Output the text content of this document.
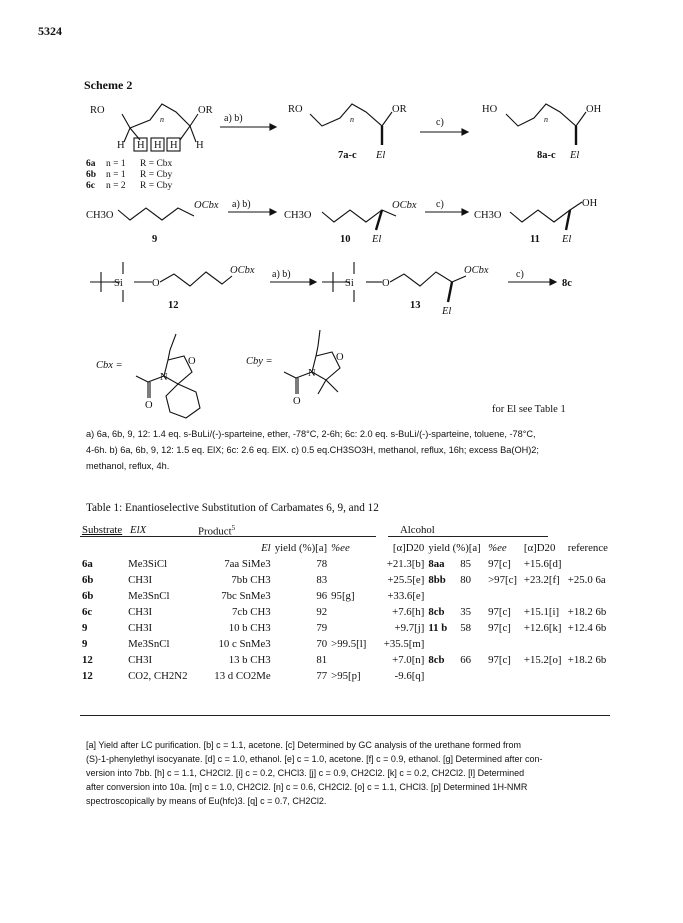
5324
Scheme 2
RO	OR
H H H H H
n	a) b)
RO	OR
n
El
7a-c
c)
HO	OH
n
El
8a-c
6a n = 1 R = Cbx
6b n = 1 R = Cby
6c n = 2 R = Cby
CH3O
OCbx
9
a) b)
CH3O
OCbx
El
10
c)
CH3O
OH
El
11
Si	O
OCbx
12
a) b)
Si	O
OCbx
El
13
c)
8c
Cbx =
N
O
O
Cby =
N
O
O
for El see Table 1
a) 6a, 6b, 9, 12: 1.4 eq. s-BuLi/(-)-sparteine, ether, -78°C, 2-6h; 6c: 2.0 eq. s-BuLi/(-)-sparteine, toluene, -78°C,
4-6h. b) 6a, 6b, 9, 12: 1.5 eq. ElX; 6c: 2.6 eq. ElX. c) 0.5 eq.CH3SO3H, methanol, reflux, 16h; excess Ba(OH)2;
methanol, reflux, 4h.
Table 1: Enantioselective Substitution of Carbamates 6, 9, and 12
Substrate ElX	Product$^5$	Alcohol
		El	yield (%)[a]	%ee	[α]D20	yield (%)[a]		%ee	[α]D20	reference
6a	Me3SiCl	7aa SiMe3	78		+21.3[b]	8aa	85	97[c]	+15.6[d]	
6b	CH3I	7bb CH3	83		+25.5[e]	8bb	80	>97[c]	+23.2[f]	+25.0 6a
6b	Me3SnCl	7bc SnMe3	96	95[g]	+33.6[e]					
6c	CH3I	7cb CH3	92		+7.6[h]	8cb	35	97[c]	+15.1[i]	+18.2 6b
9	CH3I	10 b CH3	79		+9.7[j]	11 b	58	97[c]	+12.6[k]	+12.4 6b
9	Me3SnCl	10 c SnMe3	70	>99.5[l]	+35.5[m]					
12	CH3I	13 b CH3	81		+7.0[n]	8cb	66	97[c]	+15.2[o]	+18.2 6b
12	CO2, CH2N2	13 d CO2Me	77	>95[p]	-9.6[q]					
[a] Yield after LC purification. [b] c = 1.1, acetone. [c] Determined by GC analysis of the urethane formed from
(S)-1-phenylethyl isocyanate. [d] c = 1.0, ethanol. [e] c = 1.0, acetone. [f] c = 0.9, ethanol. [g] Determined after con-
version into 7bb. [h] c = 1.1, CH2Cl2. [i] c = 0.2, CHCl3. [j] c = 0.9, CH2Cl2. [k] c = 0.2, CH2Cl2. [l] Determined
after conversion into 10a. [m] c = 1.0, CH2Cl2. [n] c = 0.6, CH2Cl2. [o] c = 1.1, CHCl3. [p] Determined 1H-NMR
spectroscopically by means of Eu(hfc)3. [q] c = 0.7, CH2Cl2.
